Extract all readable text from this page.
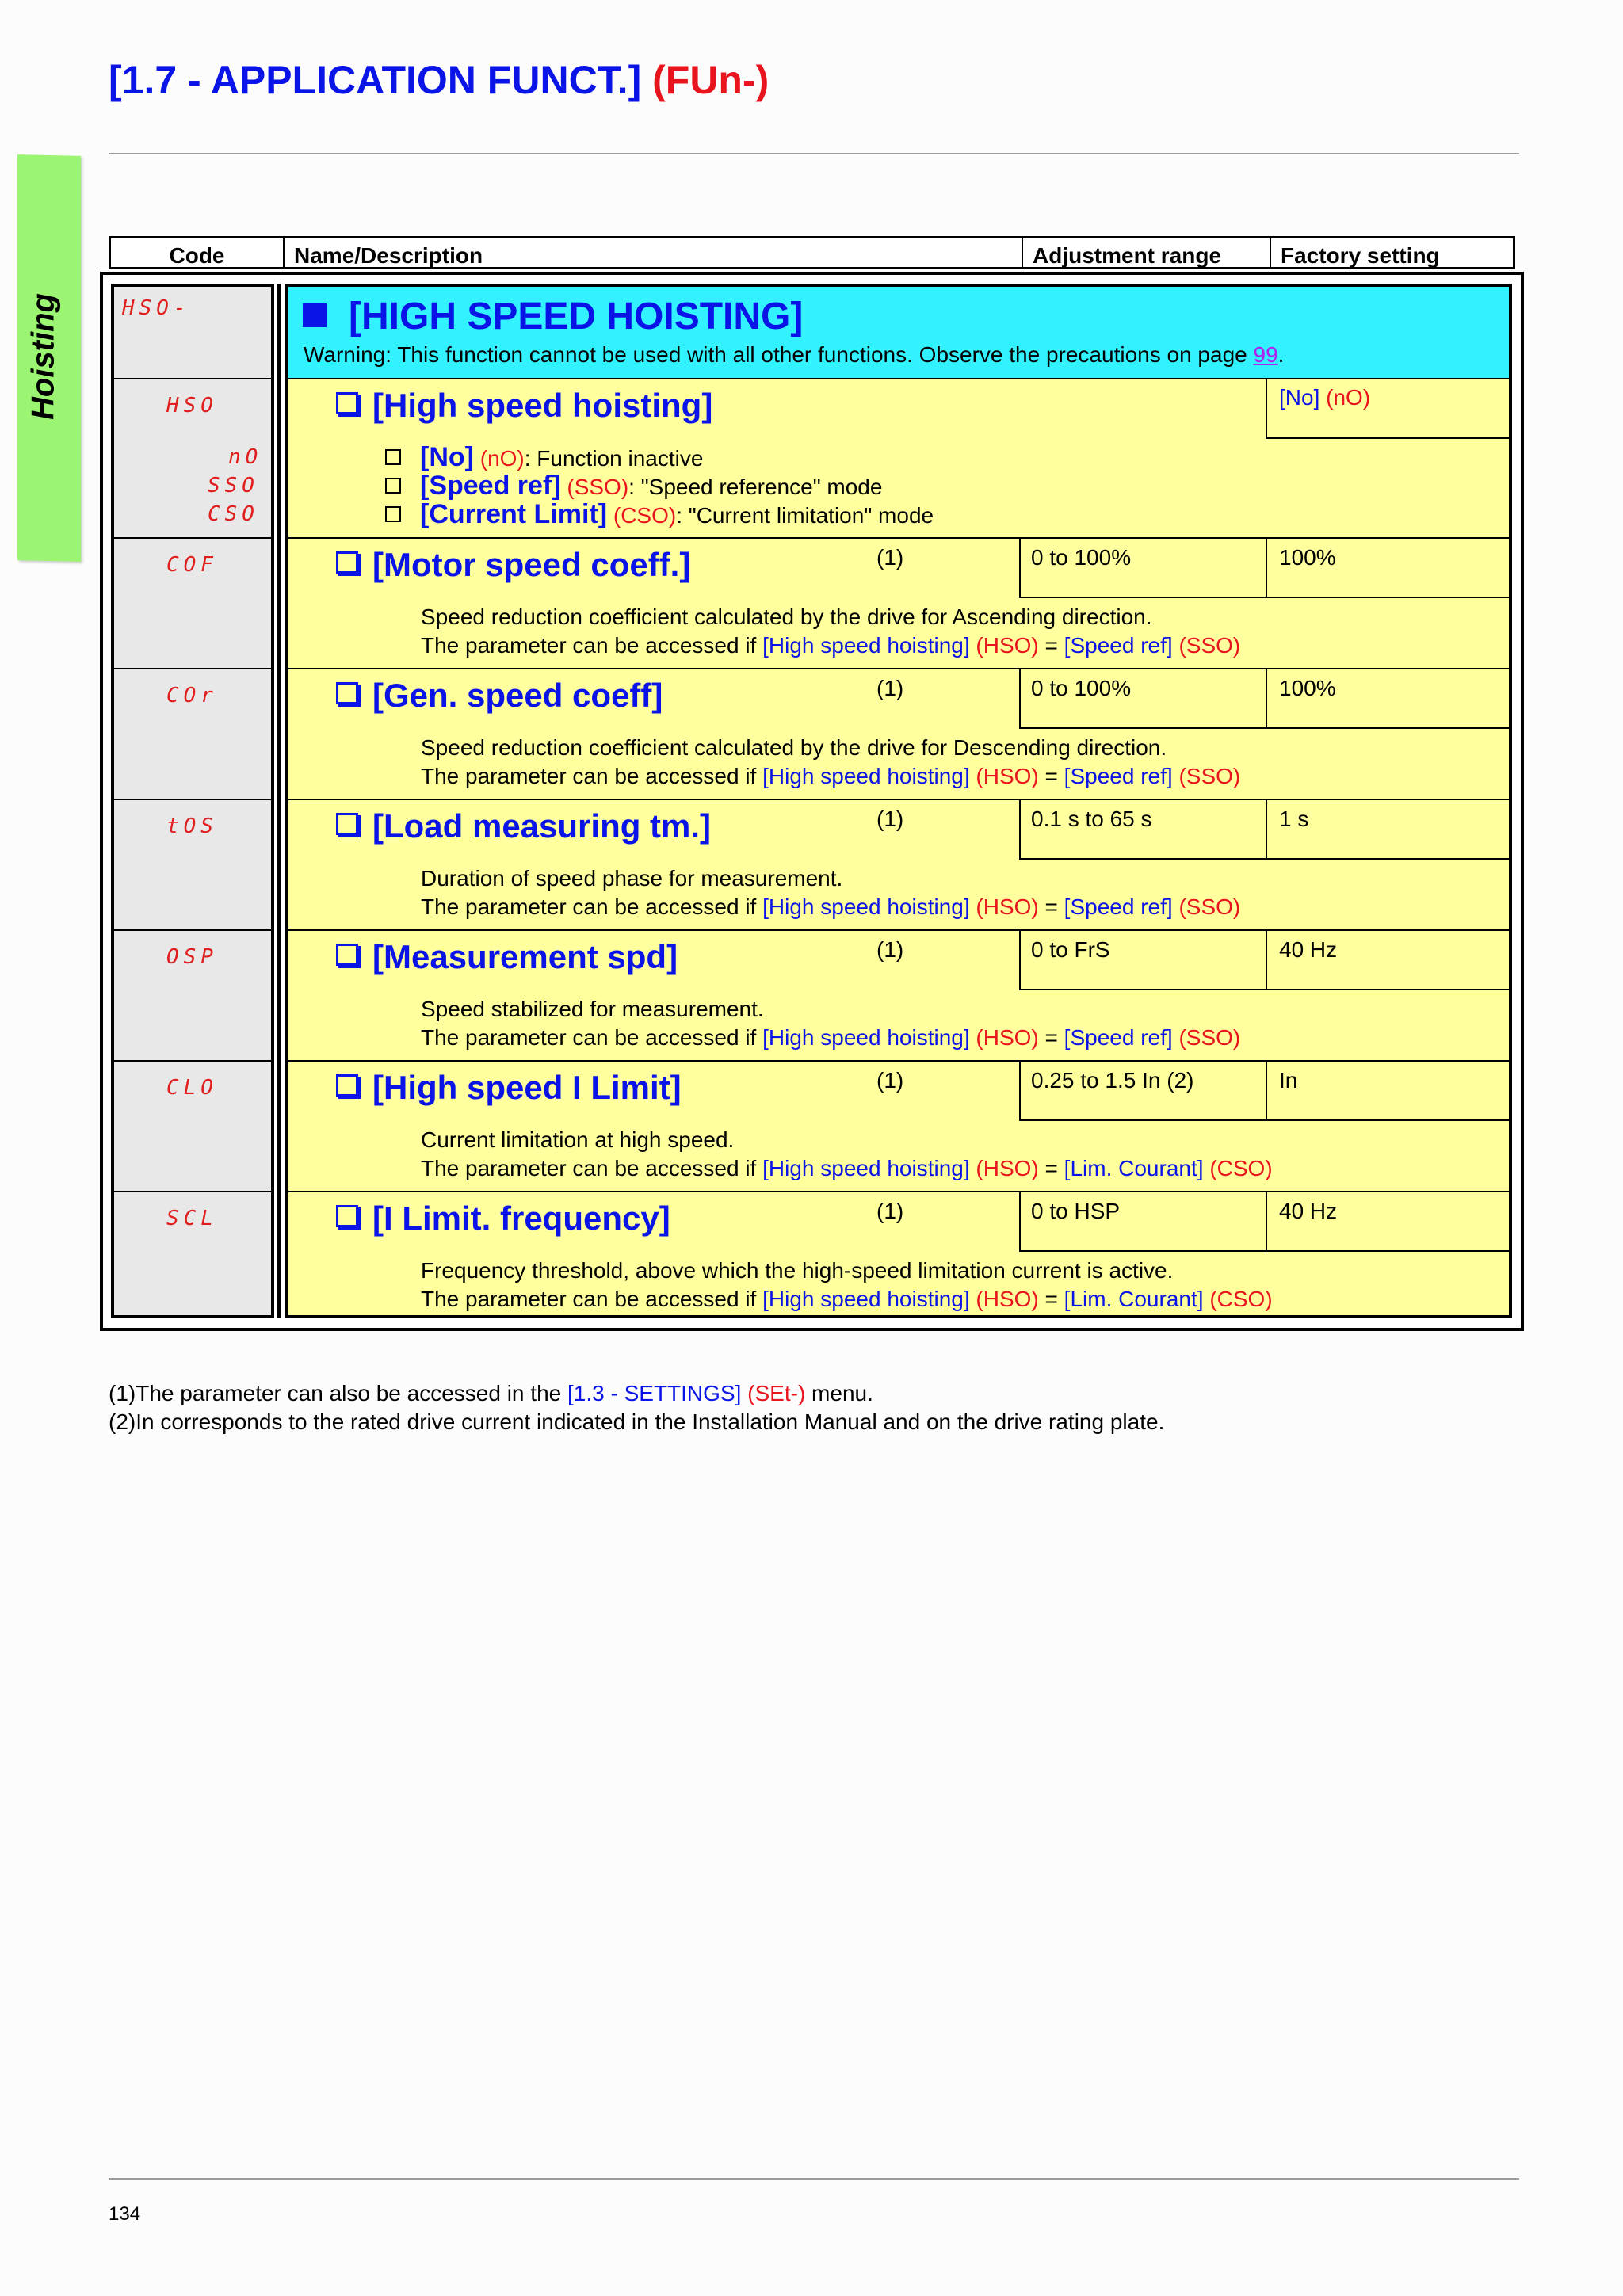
[1.7 - APPLICATION FUNCT.] (FUn-)
Hoisting
Code	Name/Description	Adjustment range	Factory setting
HSO-	[HIGH SPEED HOISTING]
Warning: This function cannot be used with all other functions. Observe the precautions on page 99.
HSO	[High speed hoisting]	[No] (nO)
nO
SSO
CSO
[No] (nO): Function inactive
[Speed ref] (SSO): "Speed reference" mode
[Current Limit] (CSO): "Current limitation" mode
COF	[Motor speed coeff.]	(1)	0 to 100%	100%
Speed reduction coefficient calculated by the drive for Ascending direction.
The parameter can be accessed if [High speed hoisting] (HSO) = [Speed ref] (SSO)
COr	[Gen. speed coeff]	(1)	0 to 100%	100%
Speed reduction coefficient calculated by the drive for Descending direction.
The parameter can be accessed if [High speed hoisting] (HSO) = [Speed ref] (SSO)
tOS	[Load measuring tm.]	(1)	0.1 s to 65 s	1 s
Duration of speed phase for measurement.
The parameter can be accessed if [High speed hoisting] (HSO) = [Speed ref] (SSO)
OSP	[Measurement spd]	(1)	0 to FrS	40 Hz
Speed stabilized for measurement.
The parameter can be accessed if [High speed hoisting] (HSO) = [Speed ref] (SSO)
CLO	[High speed I Limit]	(1)	0.25 to 1.5 In (2)	In
Current limitation at high speed.
The parameter can be accessed if [High speed hoisting] (HSO) = [Lim. Courant] (CSO)
SCL	[I Limit. frequency]	(1)	0 to HSP	40 Hz
Frequency threshold, above which the high-speed limitation current is active.
The parameter can be accessed if [High speed hoisting] (HSO) = [Lim. Courant] (CSO)
(1)The parameter can also be accessed in the [1.3 - SETTINGS] (SEt-) menu.
(2)In corresponds to the rated drive current indicated in the Installation Manual and on the drive rating plate.
134
